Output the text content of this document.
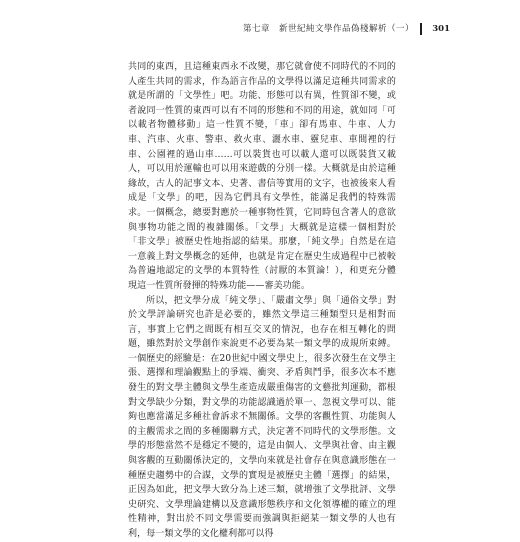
第七章　新世紀純文學作品偽棧解析（一）	301

共同的東西，且這種東西永不改變，那它就會使不同時代的不同的人產生共同的需求，作為語言作品的文學得以滿足這種共同需求的就是所謂的「文學性」吧。功能、形態可以有異，性質卻不變，或者說同一性質的東西可以有不同的形態和不同的用途，就如同「可以載者物體移動」這一性質不變，「車」卻有馬車、牛車、人力車、汽車、火車、警車、救火車、灑水車、靈兒車、車間裡的行車、公園裡的過山車……可以裝貨也可以載人還可以既裝貨又載人，可以用於運輸也可以用來遊戲的分別一樣。大概就是由於這種緣故，古人的記事文本、史著、書信等實用的文字，也被後來人看成是「文學」的吧，因為它們具有文學性，能滿足我們的特殊需求。一個概念，總要對應於一種事物性質，它同時包含著人的意欲與事物功能之間的複雜關係。「文學」大概就是這樣一個相對於「非文學」被歷史性地指認的結果。那麼，「純文學」自然是在這一意義上對文學概念的延伸，也就是肯定在歷史生成過程中已被較為普遍地認定的文學的本質特性（討厭的本質論！），和更充分體現這一性質所發揮的特殊功能——審美功能。

所以，把文學分成「純文學」、「嚴肅文學」與「通俗文學」對於文學評論研究也許是必要的，雖然文學這三種類型只是相對而言，事實上它們之間既有相互交叉的情況，也存在相互轉化的問題，雖然對於文學創作來說更不必要為某一類文學的成規所束縛。一個歷史的經驗是：在20世紀中國文學史上，很多次發生在文學主張、選擇和理論觀點上的爭端、衝突、矛盾與鬥爭，很多次本不應發生的對文學主體與文學生產造成嚴重傷害的文藝批判運動，都根對文學缺少分類，對文學的功能認識過於單一、忽視文學可以、能夠也應當滿足多種社會訴求不無關係。文學的客觀性質、功能與人的主觀需求之間的多種關聯方式，決定著不同時代的文學形態。文學的形態當然不是穩定不變的，這是由個人、文學與社會、由主觀與客觀的互動關係決定的，文學向來就是社會存在與意識形態在一種歷史趨勢中的合謀，文學的實現是被歷史主體「選擇」的結果，正因為如此，把文學大致分為上述三類，就增強了文學批評、文學史研究、文學理論建構以及意識形態秩序和文化領導權的確立的理性精神，對出於不同文學需要而強調與拒絕某一類文學的人也有利，每一類文學的文化權利都可以得
